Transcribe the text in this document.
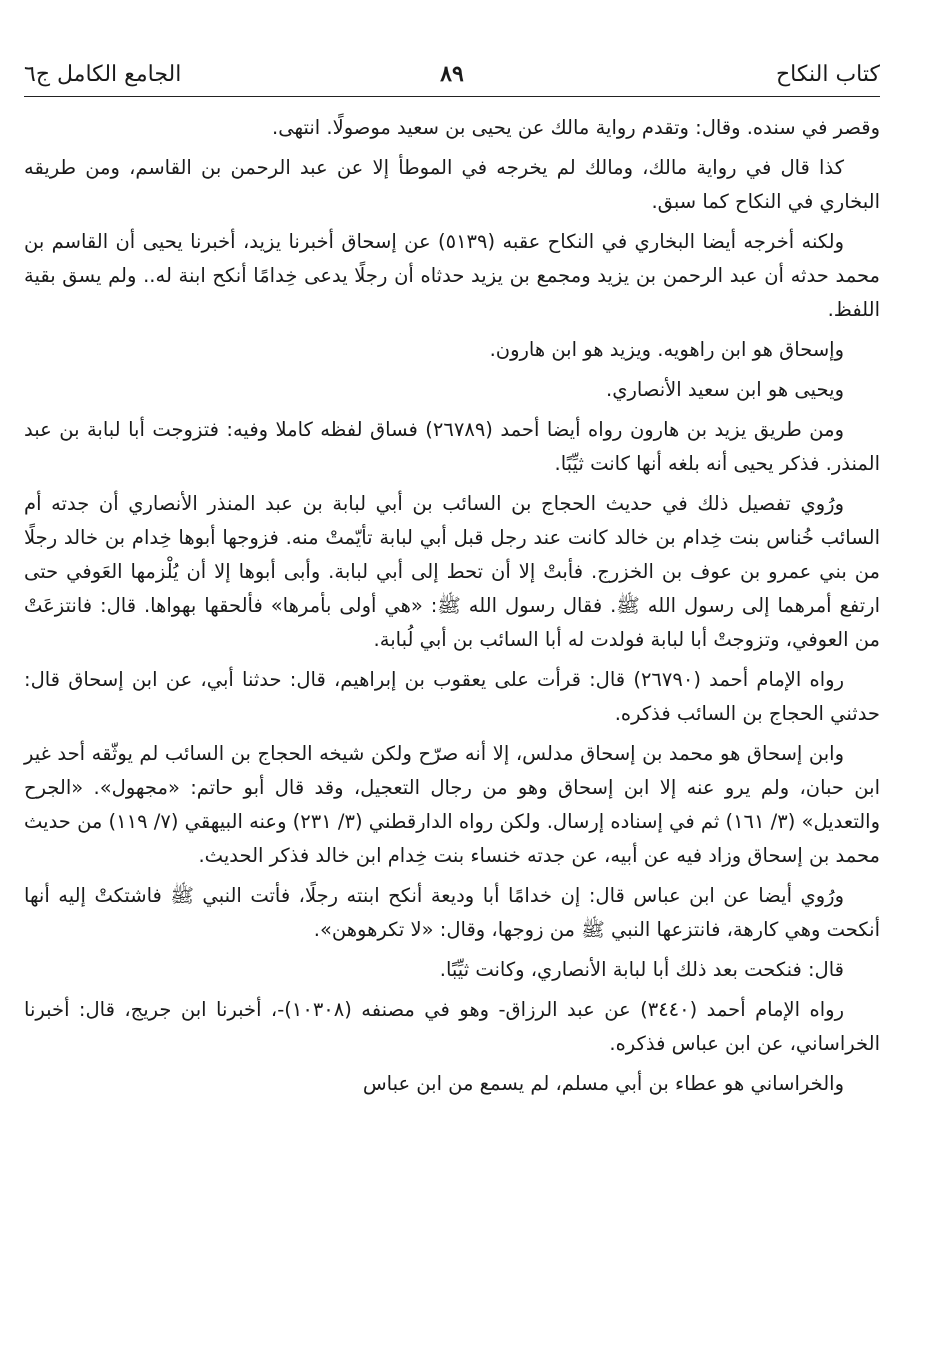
كتاب النكاح
٨٩
الجامع الكامل ج٦

وقصر في سنده. وقال: وتقدم رواية مالك عن يحيى بن سعيد موصولًا. انتهى.

كذا قال في رواية مالك، ومالك لم يخرجه في الموطأ إلا عن عبد الرحمن بن القاسم، ومن طريقه البخاري في النكاح كما سبق.

ولكنه أخرجه أيضا البخاري في النكاح عقبه (٥١٣٩) عن إسحاق أخبرنا يزيد، أخبرنا يحيى أن القاسم بن محمد حدثه أن عبد الرحمن بن يزيد ومجمع بن يزيد حدثاه أن رجلًا يدعى خِدامًا أنكح ابنة له.. ولم يسق بقية اللفظ.

وإسحاق هو ابن راهويه. ويزيد هو ابن هارون.

ويحيى هو ابن سعيد الأنصاري.

ومن طريق يزيد بن هارون رواه أيضا أحمد (٢٦٧٨٩) فساق لفظه كاملا وفيه: فتزوجت أبا لبابة بن عبد المنذر. فذكر يحيى أنه بلغه أنها كانت ثيِّبًا.

ورُوي تفصيل ذلك في حديث الحجاج بن السائب بن أبي لبابة بن عبد المنذر الأنصاري أن جدته أم السائب خُناس بنت خِدام بن خالد كانت عند رجل قبل أبي لبابة تأيّمتْ منه. فزوجها أبوها خِدام بن خالد رجلًا من بني عمرو بن عوف بن الخزرج. فأبتْ إلا أن تحط إلى أبي لبابة. وأبى أبوها إلا أن يُلْزمها العَوفي حتى ارتفع أمرهما إلى رسول الله ﷺ. فقال رسول الله ﷺ: «هي أولى بأمرها» فألحقها بهواها. قال: فانتزعَتْ من العوفي، وتزوجتْ أبا لبابة فولدت له أبا السائب بن أبي لُبابة.

رواه الإمام أحمد (٢٦٧٩٠) قال: قرأت على يعقوب بن إبراهيم، قال: حدثنا أبي، عن ابن إسحاق قال: حدثني الحجاج بن السائب فذكره.

وابن إسحاق هو محمد بن إسحاق مدلس، إلا أنه صرّح ولكن شيخه الحجاج بن السائب لم يوثّقه أحد غير ابن حبان، ولم يرو عنه إلا ابن إسحاق وهو من رجال التعجيل، وقد قال أبو حاتم: «مجهول». «الجرح والتعديل» (٣/ ١٦١) ثم في إسناده إرسال. ولكن رواه الدارقطني (٣/ ٢٣١) وعنه البيهقي (٧/ ١١٩) من حديث محمد بن إسحاق وزاد فيه عن أبيه، عن جدته خنساء بنت خِدام ابن خالد فذكر الحديث.

ورُوي أيضا عن ابن عباس قال: إن خدامًا أبا وديعة أنكح ابنته رجلًا، فأتت النبي ﷺ فاشتكتْ إليه أنها أنكحت وهي كارهة، فانتزعها النبي ﷺ من زوجها، وقال: «لا تكرهوهن».

قال: فنكحت بعد ذلك أبا لبابة الأنصاري، وكانت ثيِّبًا.

رواه الإمام أحمد (٣٤٤٠) عن عبد الرزاق- وهو في مصنفه (١٠٣٠٨)-، أخبرنا ابن جريج، قال: أخبرنا الخراساني، عن ابن عباس فذكره.

والخراساني هو عطاء بن أبي مسلم، لم يسمع من ابن عباس
